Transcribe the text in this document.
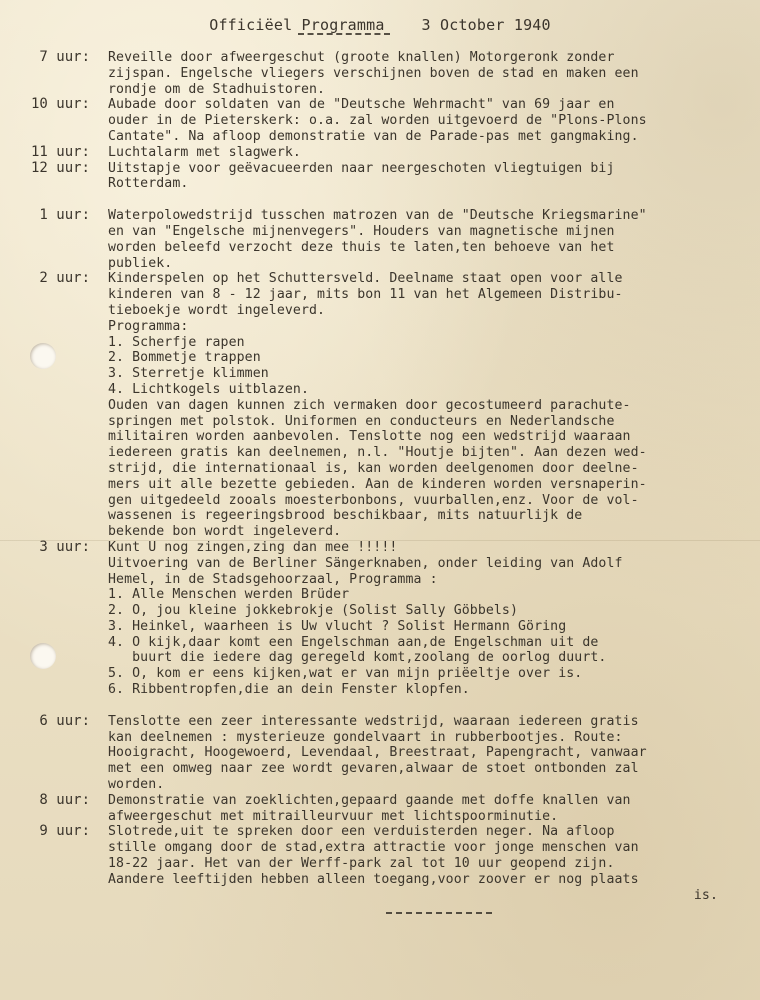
Officiëel Programma    3 October 1940
7 uur: Reveille door afweergeschut (groote knallen) Motorgeronk zonder
zijspan. Engelsche vliegers verschijnen boven de stad en maken een
rondje om de Stadhuistoren.
10 uur: Aubade door soldaten van de "Deutsche Wehrmacht" van 69 jaar en
ouder in de Pieterskerk: o.a. zal worden uitgevoerd de "Plons-Plons
Cantate". Na afloop demonstratie van de Parade-pas met gangmaking.
11 uur: Luchtalarm met slagwerk.
12 uur: Uitstapje voor geëvacueerden naar neergeschoten vliegtuigen bij
Rotterdam.
1 uur: Waterpolowedstrijd tusschen matrozen van de "Deutsche Kriegsmarine"
en van "Engelsche mijnenvegers". Houders van magnetische mijnen
worden beleefd verzocht deze thuis te laten,ten behoeve van het
publiek.
2 uur: Kinderspelen op het Schuttersveld. Deelname staat open voor alle
kinderen van 8 - 12 jaar, mits bon 11 van het Algemeen Distribu-
tieboekje wordt ingeleverd.
Programma:
1. Scherfje rapen
2. Bommetje trappen
3. Sterretje klimmen
4. Lichtkogels uitblazen.
Ouden van dagen kunnen zich vermaken door gecostumeerd parachute-
springen met polstok. Uniformen en conducteurs en Nederlandsche
militairen worden aanbevolen. Tenslotte nog een wedstrijd waaraan
iedereen gratis kan deelnemen, n.l. "Houtje bijten". Aan dezen wed-
strijd, die internationaal is, kan worden deelgenomen door deelne-
mers uit alle bezette gebieden. Aan de kinderen worden versnaperin-
gen uitgedeeld zooals moesterbonbons, vuurballen,enz. Voor de vol-
wassenen is regeeringsbrood beschikbaar, mits natuurlijk de
bekende bon wordt ingeleverd.
3 uur: Kunt U nog zingen,zing dan mee !!!!!
Uitvoering van de Berliner Sängerknaben, onder leiding van Adolf
Hemel, in de Stadsgehoorzaal, Programma :
1. Alle Menschen werden Brüder
2. O, jou kleine jokkebrokje (Solist Sally Göbbels)
3. Heinkel, waarheen is Uw vlucht ? Solist Hermann Göring
4. O kijk,daar komt een Engelschman aan,de Engelschman uit de
buurt die iedere dag geregeld komt,zoolang de oorlog duurt.
5. O, kom er eens kijken,wat er van mijn priëeltje over is.
6. Ribbentropfen,die an dein Fenster klopfen.
6 uur: Tenslotte een zeer interessante wedstrijd, waaraan iedereen gratis
kan deelnemen : mysterieuze gondelvaart in rubberbootjes. Route:
Hooigracht, Hoogewoerd, Levendaal, Breestraat, Papengracht, vanwaar
met een omweg naar zee wordt gevaren,alwaar de stoet ontbonden zal
worden.
8 uur: Demonstratie van zoeklichten,gepaard gaande met doffe knallen van
afweergeschut met mitrailleurvuur met lichtspoorminutie.
9 uur: Slotrede,uit te spreken door een verduisterden neger. Na afloop
stille omgang door de stad,extra attractie voor jonge menschen van
18-22 jaar. Het van der Werff-park zal tot 10 uur geopend zijn.
Aandere leeftijden hebben alleen toegang,voor zoover er nog plaats
is.
